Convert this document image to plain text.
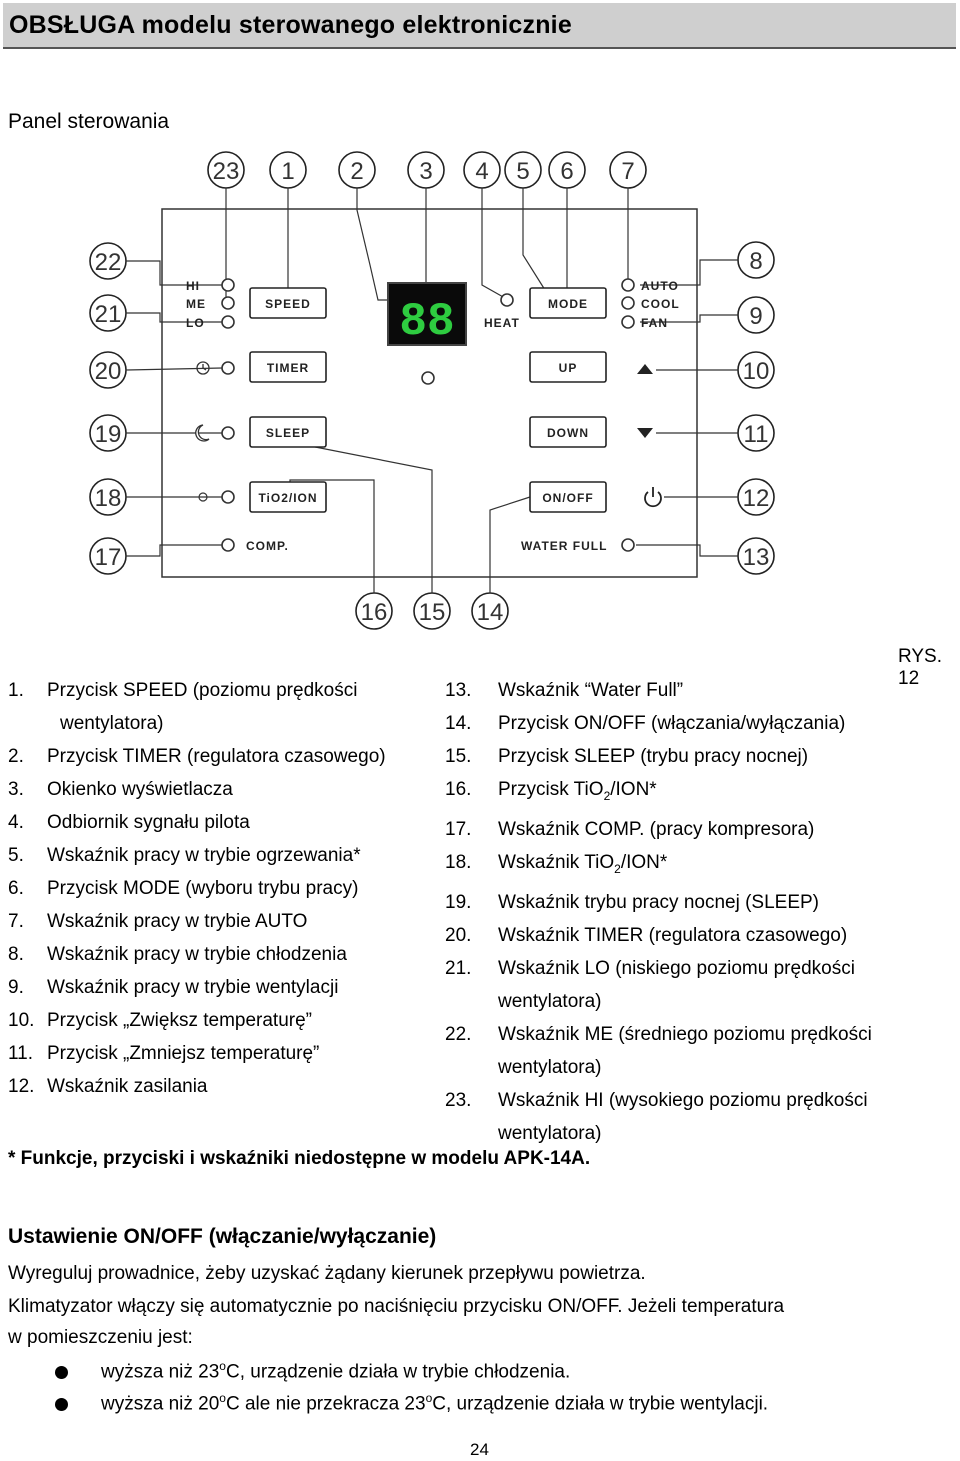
OBSŁUGA modelu sterowanego elektronicznie
Panel sterowania
23 1 2 3 4 5 6 7
22
21
20
19
18
17
8
9
10
11
12
13
16 15 14
HI
ME
LO	HEAT
AUTO
COOL
FAN
COMP.	WATER FULL
SPEED
TIMER
SLEEP
TiO2/ION
MODE
UP
DOWN
ON/OFF
88
RYS. 12
1.	Przycisk SPEED (poziomu prędkości
wentylatora)
2.	Przycisk TIMER (regulatora czasowego)
3.	Okienko wyświetlacza
4.	Odbiornik sygnału pilota
5.	Wskaźnik pracy w trybie ogrzewania*
6.	Przycisk MODE (wyboru trybu pracy)
7.	Wskaźnik pracy w trybie AUTO
8.	Wskaźnik pracy w trybie chłodzenia
9.	Wskaźnik pracy w trybie wentylacji
10. Przycisk „Zwiększ temperaturę”
11. Przycisk „Zmniejsz temperaturę”
12. Wskaźnik zasilania
13.	Wskaźnik “Water Full”
14.	Przycisk ON/OFF (włączania/wyłączania)
15.	Przycisk SLEEP (trybu pracy nocnej)
16.	Przycisk TiO$_2$/ION*
17.	Wskaźnik COMP. (pracy kompresora)
18.	Wskaźnik TiO$_2$/ION*
19.	Wskaźnik trybu pracy nocnej (SLEEP)
20.	Wskaźnik TIMER (regulatora czasowego)
21.	Wskaźnik LO (niskiego poziomu prędkości
wentylatora)
22.	Wskaźnik ME (średniego poziomu prędkości
wentylatora)
23.	Wskaźnik HI (wysokiego poziomu prędkości
wentylatora)
* Funkcje, przyciski i wskaźniki niedostępne w modelu APK-14A.
Ustawienie ON/OFF (włączanie/wyłączanie)
Wyreguluj prowadnice, żeby uzyskać żądany kierunek przepływu powietrza.
Klimatyzator włączy się automatycznie po naciśnięciu przycisku ON/OFF. Jeżeli temperatura
w pomieszczeniu jest:
wyższa niż 23$^o$C, urządzenie działa w trybie chłodzenia.
wyższa niż 20$^o$C ale nie przekracza 23$^o$C, urządzenie działa w trybie wentylacji.
24
